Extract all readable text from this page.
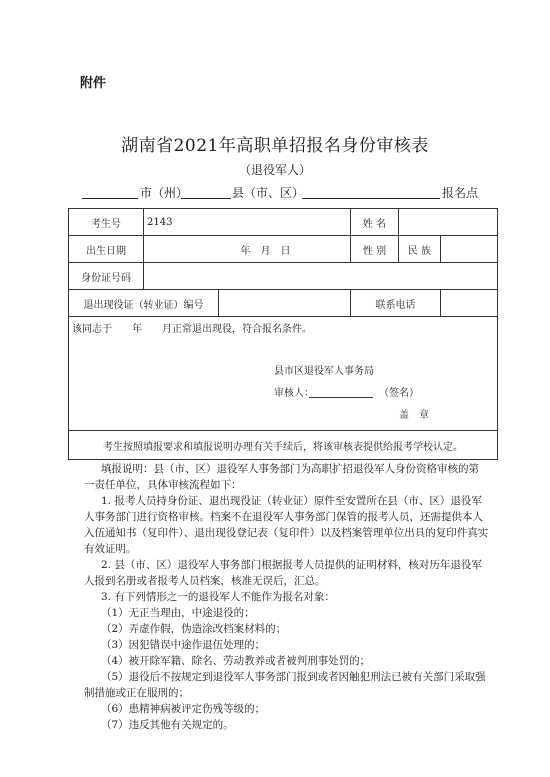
附件
湖南省2021年高职单招报名身份审核表
（退役军人）
市（州）	县（市、区）	报名点
考生号	2143		姓 名		
出生日期	年　月　日		性 别	民 族	
身份证号码					
退出现役证（转业证）编号			联系电话		

该同志于　　年　　月正常退出现役，符合报名条件。
县市区退役军人事务局
审核人： （签名）
盖　章					

考生按照填报要求和填报说明办理有关手续后，将该审核表提供给报考学校认定。					
填报说明：县（市、区）退役军人事务部门为高职扩招退役军人身份资格审核的第
一责任单位，具体审核流程如下：
1. 报考人员持身份证、退出现役证（转业证）原件至安置所在县（市、区）退役军
人事务部门进行资格审核。档案不在退役军人事务部门保管的报考人员，还需提供本人
入伍通知书（复印件）、退出现役登记表（复印件）以及档案管理单位出具的复印件真实
有效证明。
2. 县（市、区）退役军人事务部门根据报考人员提供的证明材料，核对历年退役军
人报到名册或者报考人员档案，核准无误后，汇总。
3. 有下列情形之一的退役军人不能作为报名对象：
（1）无正当理由，中途退役的；
（2）弄虚作假，伪造涂改档案材料的；
（3）因犯错误中途作退伍处理的；
（4）被开除军籍、除名、劳动教养或者被判刑事处罚的；
（5）退役后不按规定到退役军人事务部门报到或者因触犯刑法已被有关部门采取强
制措施或正在服刑的；
（6）患精神病被评定伤残等级的；
（7）违反其他有关规定的。
